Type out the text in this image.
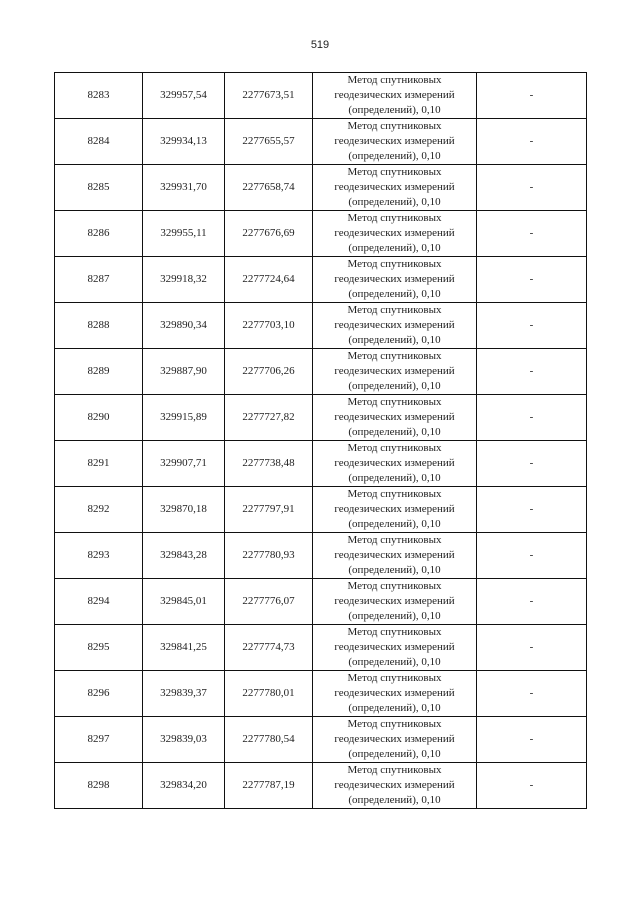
519
8283	329957,54	2277673,51	Метод спутниковых
геодезических измерений
(определений), 0,10	-
8284	329934,13	2277655,57	Метод спутниковых
геодезических измерений
(определений), 0,10	-
8285	329931,70	2277658,74	Метод спутниковых
геодезических измерений
(определений), 0,10	-
8286	329955,11	2277676,69	Метод спутниковых
геодезических измерений
(определений), 0,10	-
8287	329918,32	2277724,64	Метод спутниковых
геодезических измерений
(определений), 0,10	-
8288	329890,34	2277703,10	Метод спутниковых
геодезических измерений
(определений), 0,10	-
8289	329887,90	2277706,26	Метод спутниковых
геодезических измерений
(определений), 0,10	-
8290	329915,89	2277727,82	Метод спутниковых
геодезических измерений
(определений), 0,10	-
8291	329907,71	2277738,48	Метод спутниковых
геодезических измерений
(определений), 0,10	-
8292	329870,18	2277797,91	Метод спутниковых
геодезических измерений
(определений), 0,10	-
8293	329843,28	2277780,93	Метод спутниковых
геодезических измерений
(определений), 0,10	-
8294	329845,01	2277776,07	Метод спутниковых
геодезических измерений
(определений), 0,10	-
8295	329841,25	2277774,73	Метод спутниковых
геодезических измерений
(определений), 0,10	-
8296	329839,37	2277780,01	Метод спутниковых
геодезических измерений
(определений), 0,10	-
8297	329839,03	2277780,54	Метод спутниковых
геодезических измерений
(определений), 0,10	-
8298	329834,20	2277787,19	Метод спутниковых
геодезических измерений
(определений), 0,10	-
